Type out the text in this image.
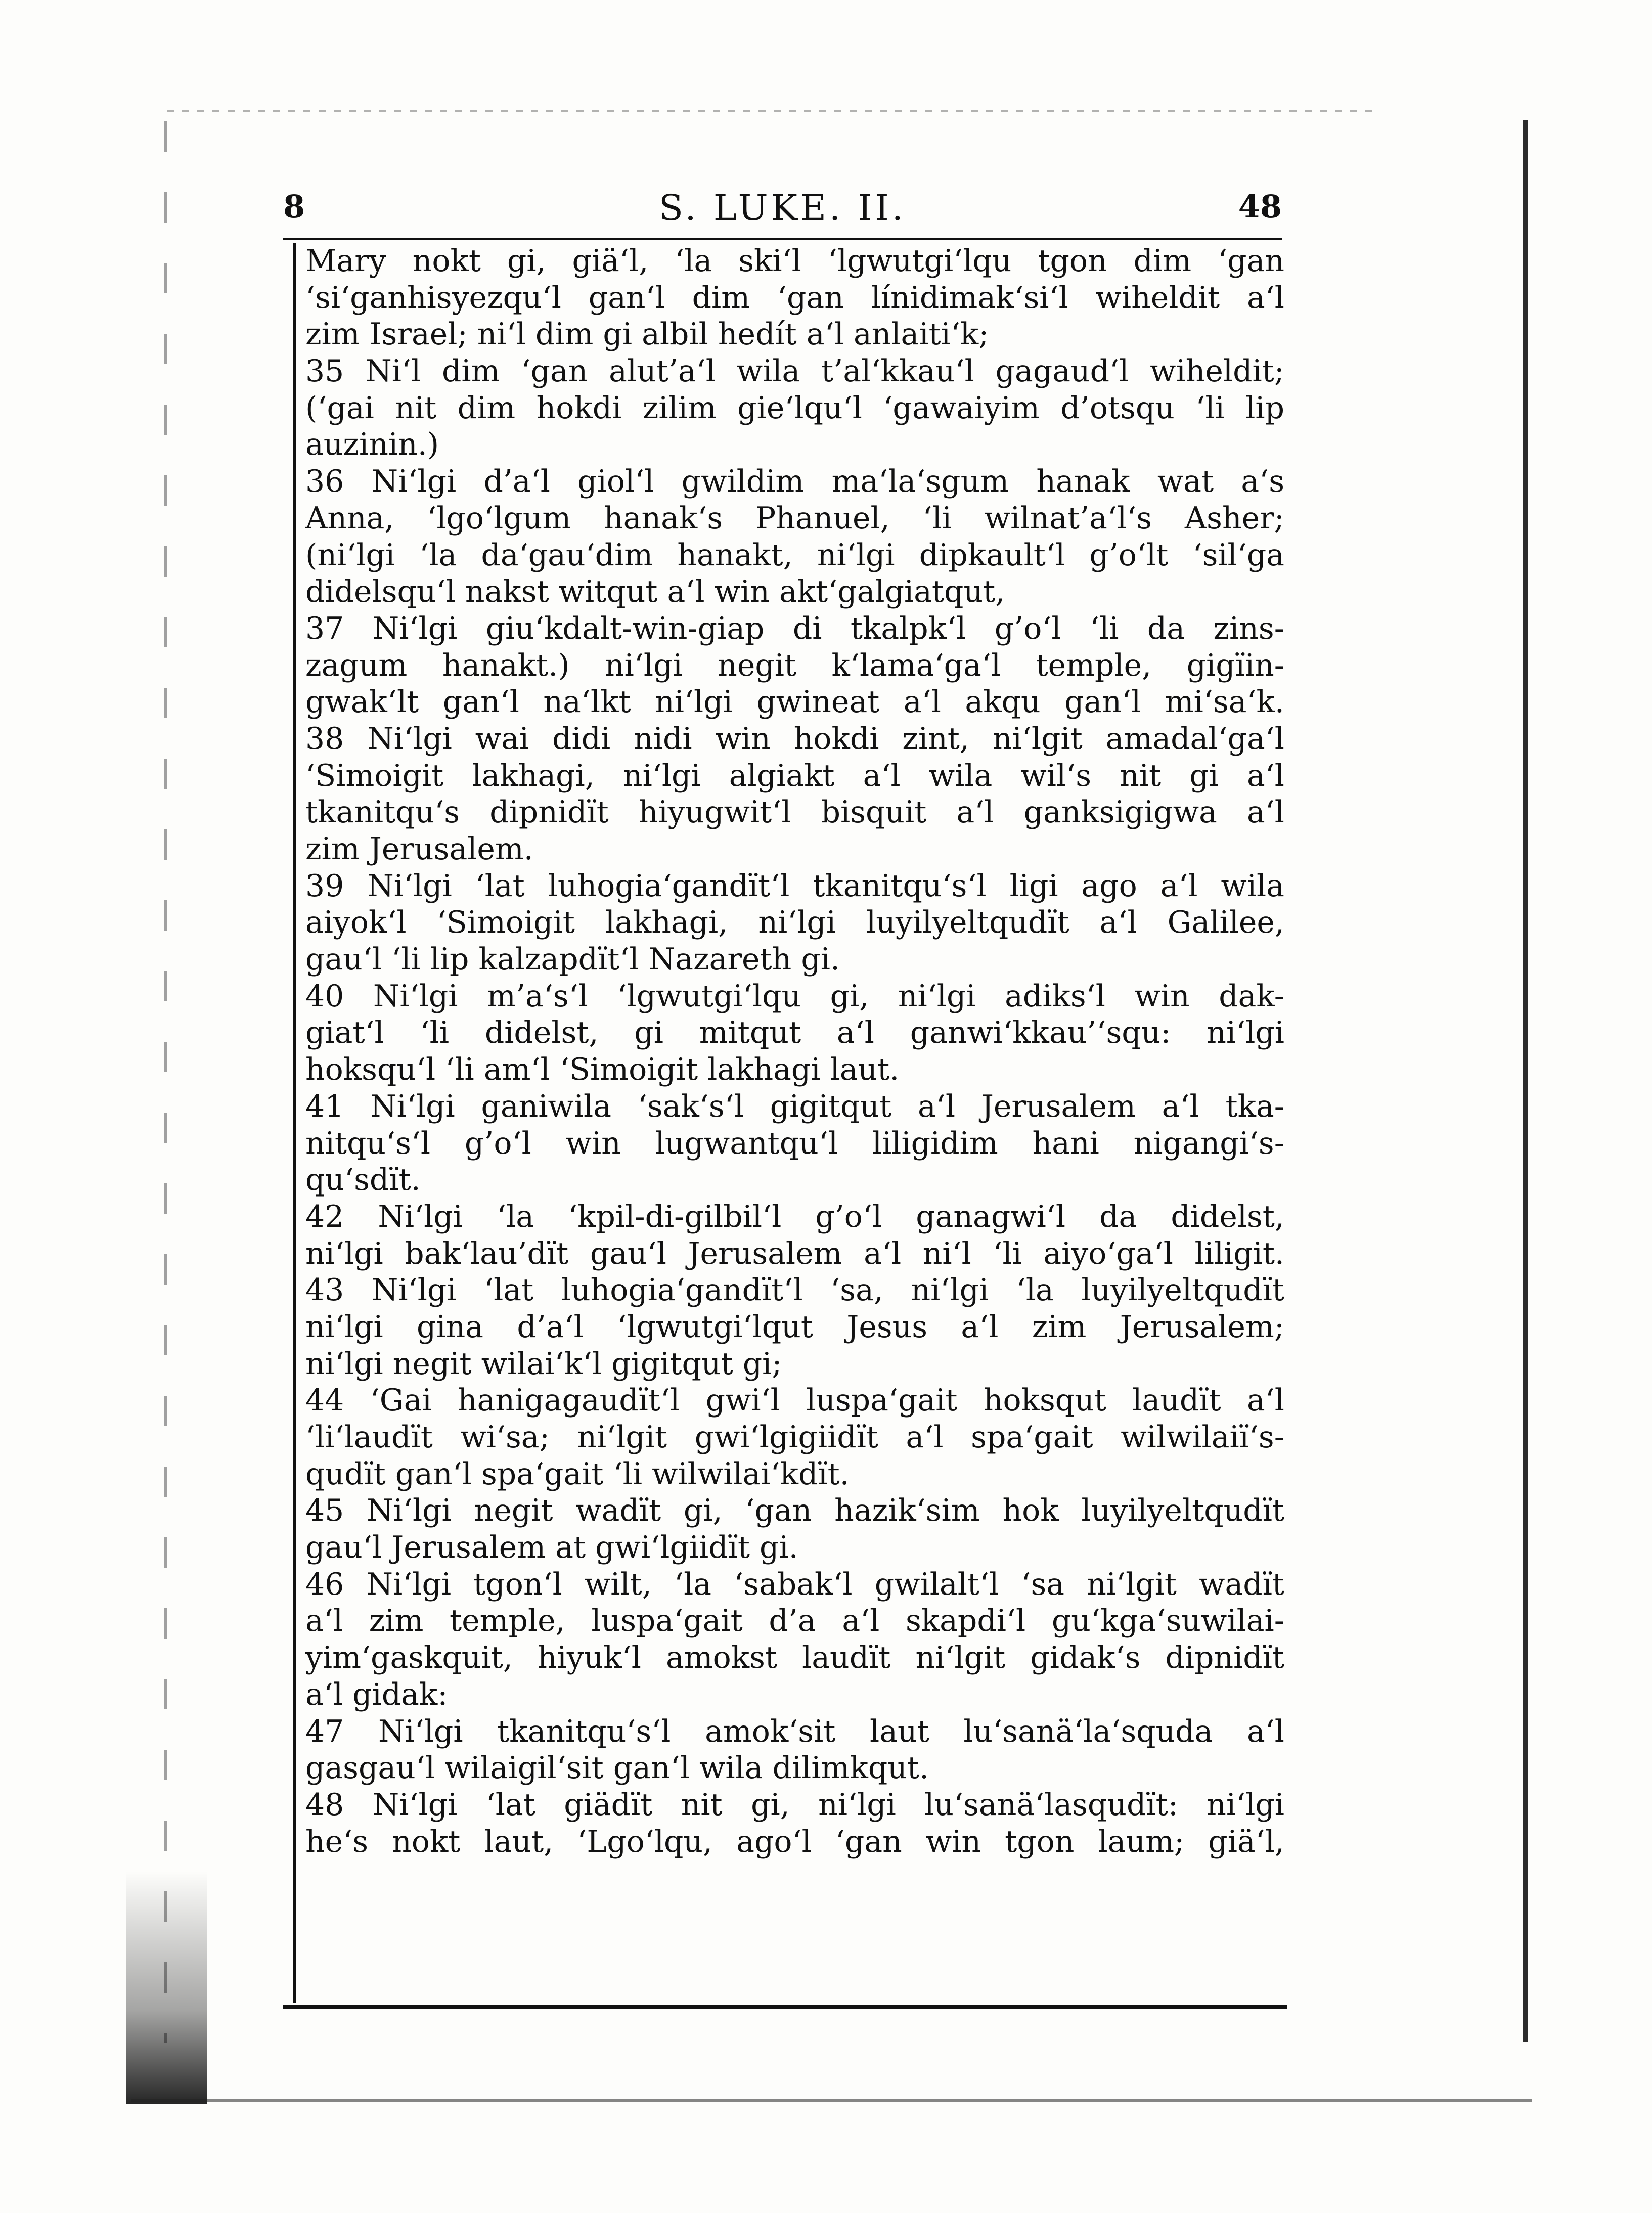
8	S. LUKE. II.	48
Mary nokt gi, giä‘l, ‘la ski‘l ‘lgwutgi‘lqu tgon dim ‘gan
‘si‘ganhisyezqu‘l gan‘l dim ‘gan línidimak‘si‘l wiheldit a‘l
zim Israel; ni‘l dim gi albil hedít a‘l anlaiti‘k;
35 Ni‘l dim ‘gan alut’a‘l wila t’al‘kkau‘l gagaud‘l wiheldit;
(‘gai nit dim hokdi zilim gie‘lqu‘l ‘gawaiyim d’otsqu ‘li lip
auzinin.)
36 Ni‘lgi d’a‘l giol‘l gwildim ma‘la‘sgum hanak wat a‘s
Anna, ‘lgo‘lgum hanak‘s Phanuel, ‘li wilnat’a‘l‘s Asher;
(ni‘lgi ‘la da‘gau‘dim hanakt, ni‘lgi dipkault‘l g’o‘lt ‘sil‘ga
didelsqu‘l nakst witqut a‘l win akt‘galgiatqut,
37 Ni‘lgi giu‘kdalt-win-giap di tkalpk‘l g’o‘l ‘li da zins-
zagum hanakt.) ni‘lgi negit k‘lama‘ga‘l temple, gigïin-
gwak‘lt gan‘l na‘lkt ni‘lgi gwineat a‘l akqu gan‘l mi‘sa‘k.
38 Ni‘lgi wai didi nidi win hokdi zint, ni‘lgit amadal‘ga‘l
‘Simoigit lakhagi, ni‘lgi algiakt a‘l wila wil‘s nit gi a‘l
tkanitqu‘s dipnidït hiyugwit‘l bisquit a‘l ganksigigwa a‘l
zim Jerusalem.
39 Ni‘lgi ‘lat luhogia‘gandït‘l tkanitqu‘s‘l ligi ago a‘l wila
aiyok‘l ‘Simoigit lakhagi, ni‘lgi luyilyeltqudït a‘l Galilee,
gau‘l ‘li lip kalzapdït‘l Nazareth gi.
40 Ni‘lgi m’a‘s‘l ‘lgwutgi‘lqu gi, ni‘lgi adiks‘l win dak-
giat‘l ‘li didelst, gi mitqut a‘l ganwi‘kkau’‘squ: ni‘lgi
hoksqu‘l ‘li am‘l ‘Simoigit lakhagi laut.
41 Ni‘lgi ganiwila ‘sak‘s‘l gigitqut a‘l Jerusalem a‘l tka-
nitqu‘s‘l g’o‘l win lugwantqu‘l liligidim hani nigangi‘s-
qu‘sdït.
42 Ni‘lgi ‘la ‘kpil-di-gilbil‘l g’o‘l ganagwi‘l da didelst,
ni‘lgi bak‘lau’dït gau‘l Jerusalem a‘l ni‘l ‘li aiyo‘ga‘l liligit.
43 Ni‘lgi ‘lat luhogia‘gandït‘l ‘sa, ni‘lgi ‘la luyilyeltqudït
ni‘lgi gina d’a‘l ‘lgwutgi‘lqut Jesus a‘l zim Jerusalem;
ni‘lgi negit wilai‘k‘l gigitqut gi;
44 ‘Gai hanigagaudït‘l gwi‘l luspa‘gait hoksqut laudït a‘l
‘li‘laudït wi‘sa; ni‘lgit gwi‘lgigiidït a‘l spa‘gait wilwilaiï‘s-
qudït gan‘l spa‘gait ‘li wilwilai‘kdït.
45 Ni‘lgi negit wadït gi, ‘gan hazik‘sim hok luyilyeltqudït
gau‘l Jerusalem at gwi‘lgiidït gi.
46 Ni‘lgi tgon‘l wilt, ‘la ‘sabak‘l gwilalt‘l ‘sa ni‘lgit wadït
a‘l zim temple, luspa‘gait d’a a‘l skapdi‘l gu‘kga‘suwilai-
yim‘gaskquit, hiyuk‘l amokst laudït ni‘lgit gidak‘s dipnidït
a‘l gidak:
47 Ni‘lgi tkanitqu‘s‘l amok‘sit laut lu‘sanä‘la‘squda a‘l
gasgau‘l wilaigil‘sit gan‘l wila dilimkqut.
48 Ni‘lgi ‘lat giädït nit gi, ni‘lgi lu‘sanä‘lasqudït: ni‘lgi
he‘s nokt laut, ‘Lgo‘lqu, ago‘l ‘gan win tgon laum; giä‘l,
